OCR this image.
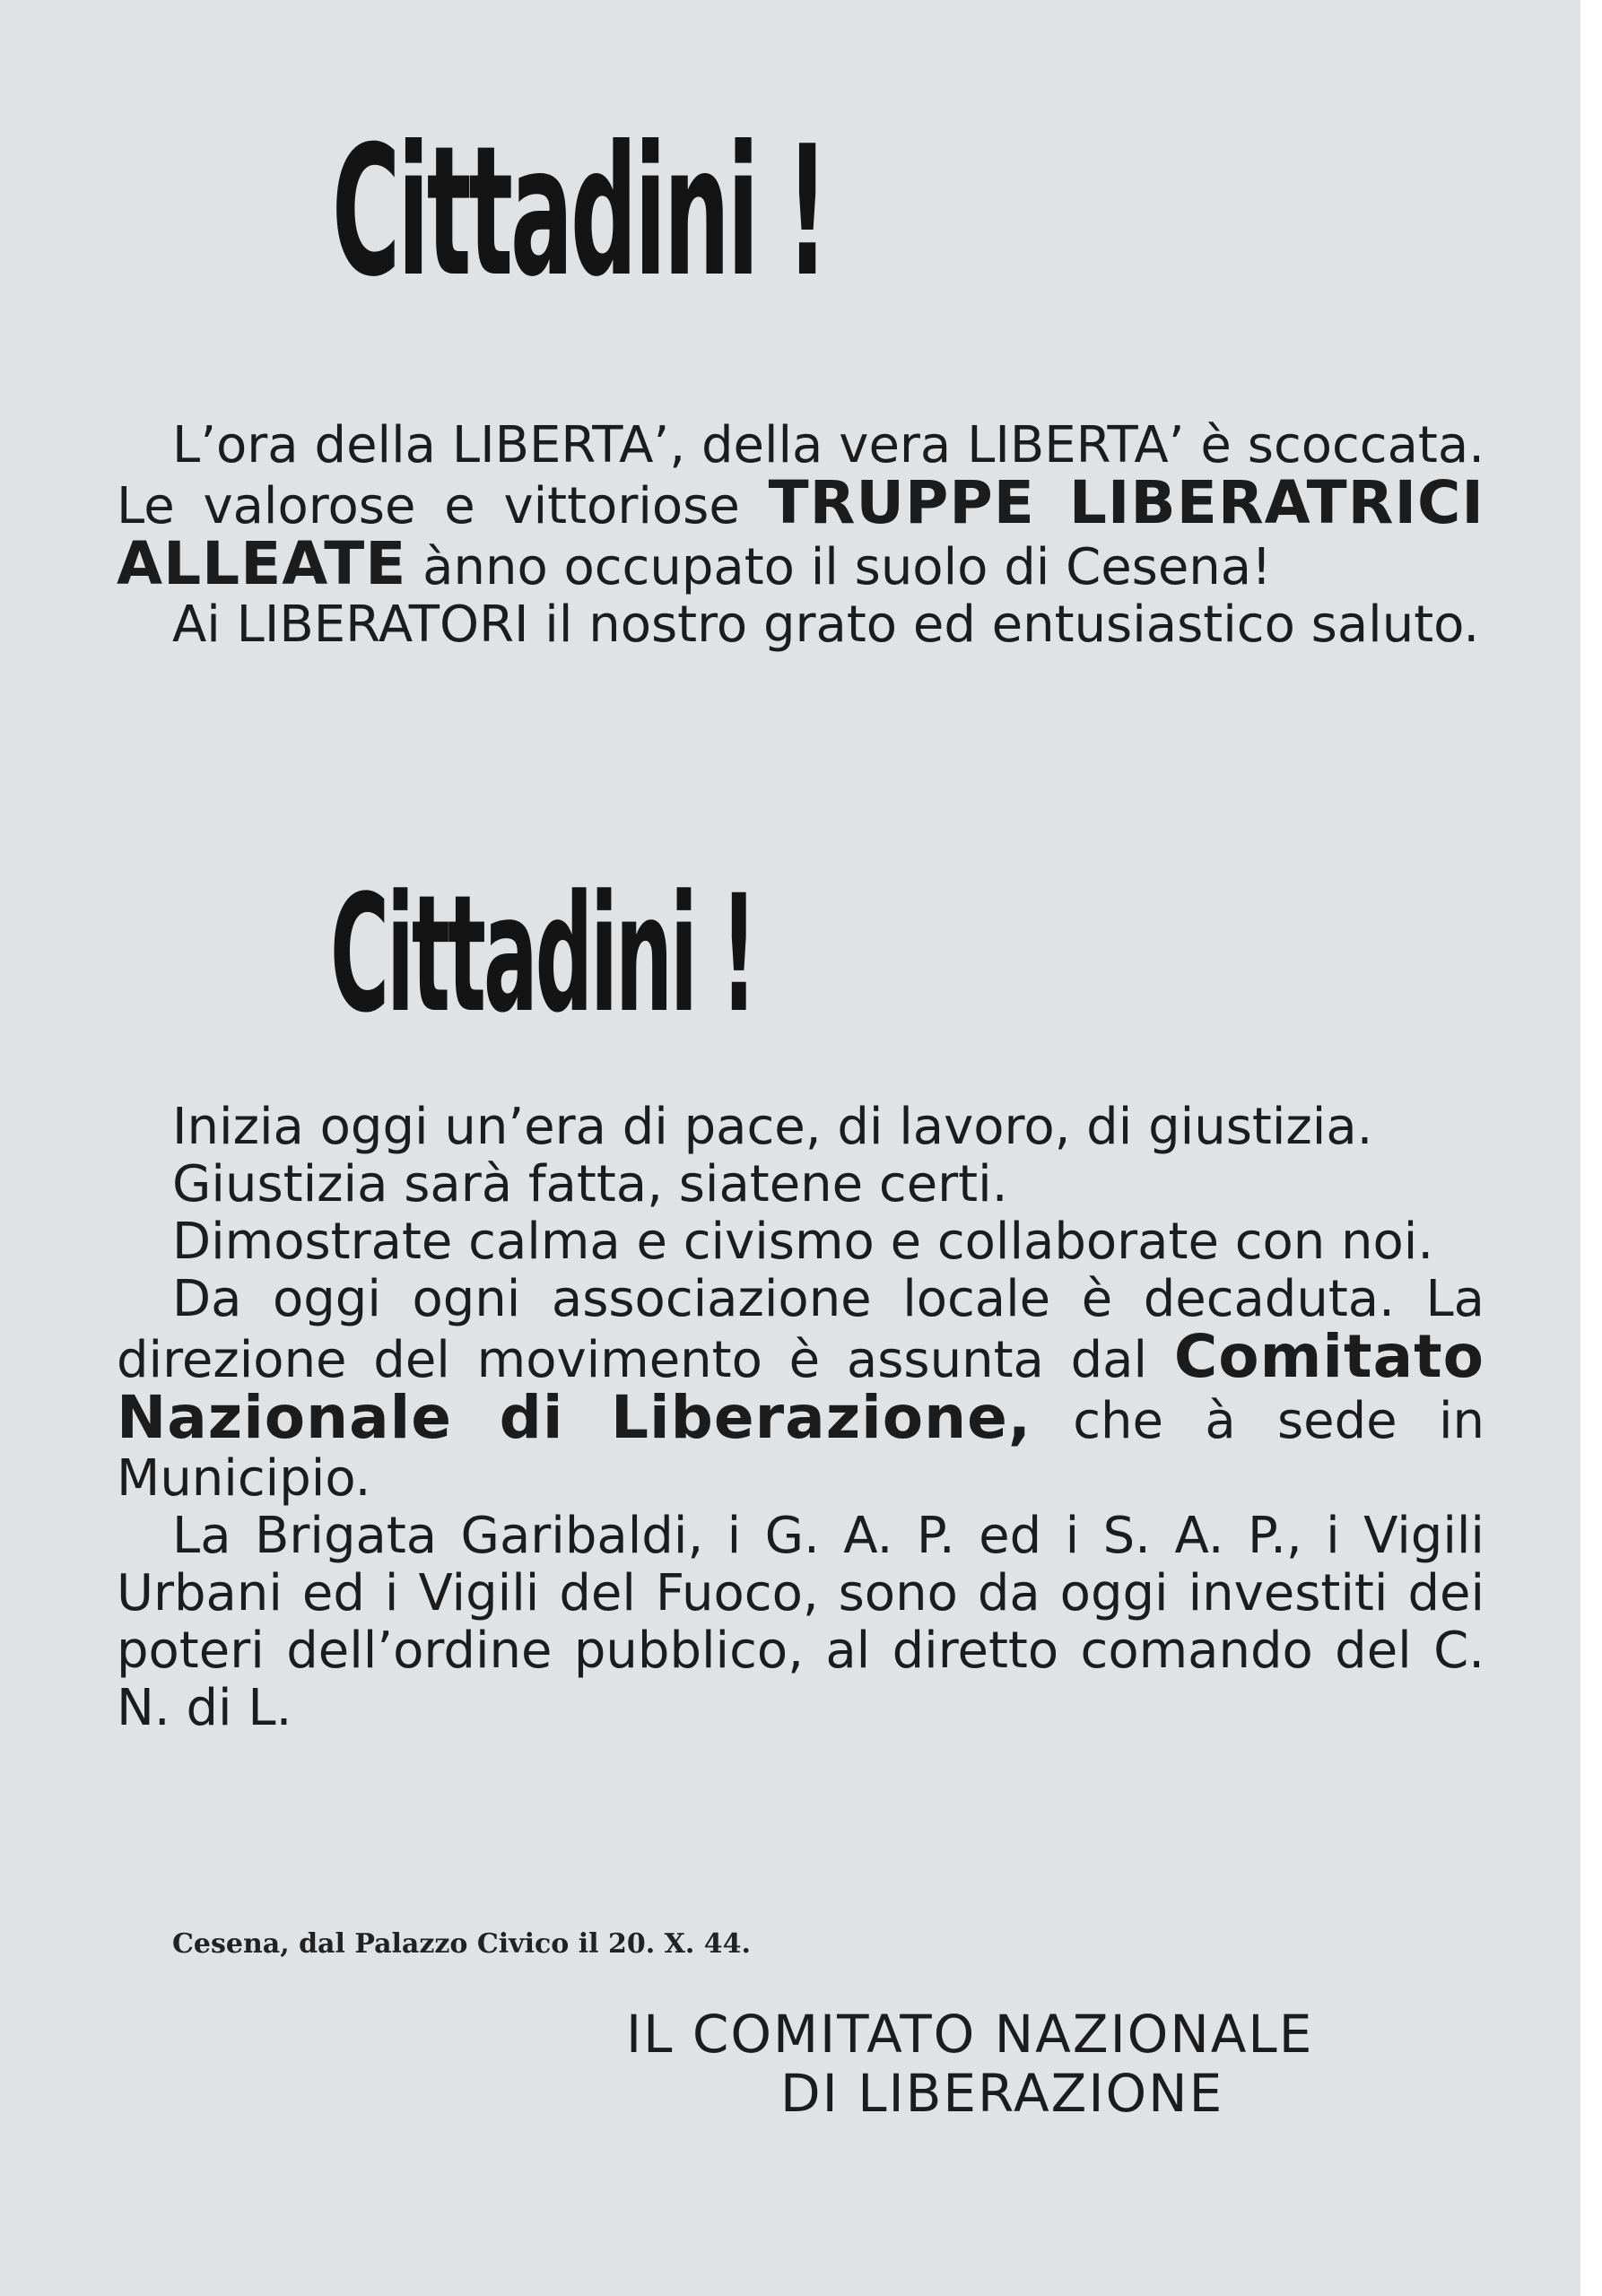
Cittadini !

L’ora della LIBERTA’, della vera LIBERTA’ è scoccata. Le valorose e vittoriose TRUPPE LIBERATRICI ALLEATE ànno occupato il suolo di Cesena!
Ai LIBERATORI il nostro grato ed entusiastico saluto.

Cittadini !

Inizia oggi un’era di pace, di lavoro, di giustizia.
Giustizia sarà fatta, siatene certi.
Dimostrate calma e civismo e collaborate con noi.
Da oggi ogni associazione locale è decaduta. La direzione del movimento è assunta dal Comitato Nazionale di Liberazione, che à sede in Municipio.
La Brigata Garibaldi, i G. A. P. ed i S. A. P., i Vigili Urbani ed i Vigili del Fuoco, sono da oggi investiti dei poteri dell’ordine pubblico, al diretto comando del C. N. di L.

Cesena, dal Palazzo Civico il 20. X. 44.

IL COMITATO NAZIONALE
DI LIBERAZIONE
